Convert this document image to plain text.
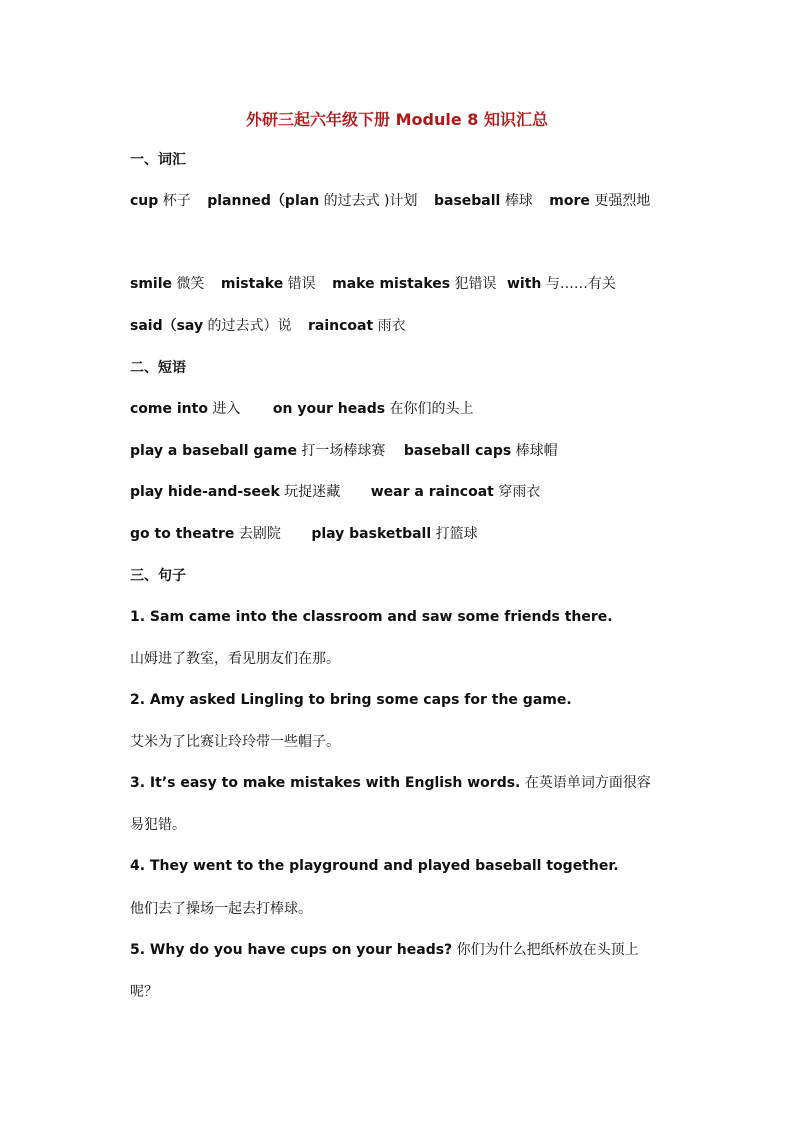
外研三起六年级下册 Module 8 知识汇总
一、词汇
cup 杯子 planned（plan 的过去式 )计划 baseball 棒球 more 更强烈地
smile 微笑 mistake 错误 make mistakes 犯错误 with 与……有关
said（say 的过去式）说 raincoat 雨衣
二、短语
come into 进入 on your heads 在你们的头上
play a baseball game 打一场棒球赛 baseball caps 棒球帽
play hide-and-seek 玩捉迷藏 wear a raincoat 穿雨衣
go to theatre 去剧院 play basketball 打篮球
三、句子
1. Sam came into the classroom and saw some friends there.
山姆进了教室，看见朋友们在那。
2. Amy asked Lingling to bring some caps for the game.
艾米为了比赛让玲玲带一些帽子。
3. It’s easy to make mistakes with English words. 在英语单词方面很容
易犯错。
4. They went to the playground and played baseball together.
他们去了操场一起去打棒球。
5. Why do you have cups on your heads? 你们为什么把纸杯放在头顶上
呢？
